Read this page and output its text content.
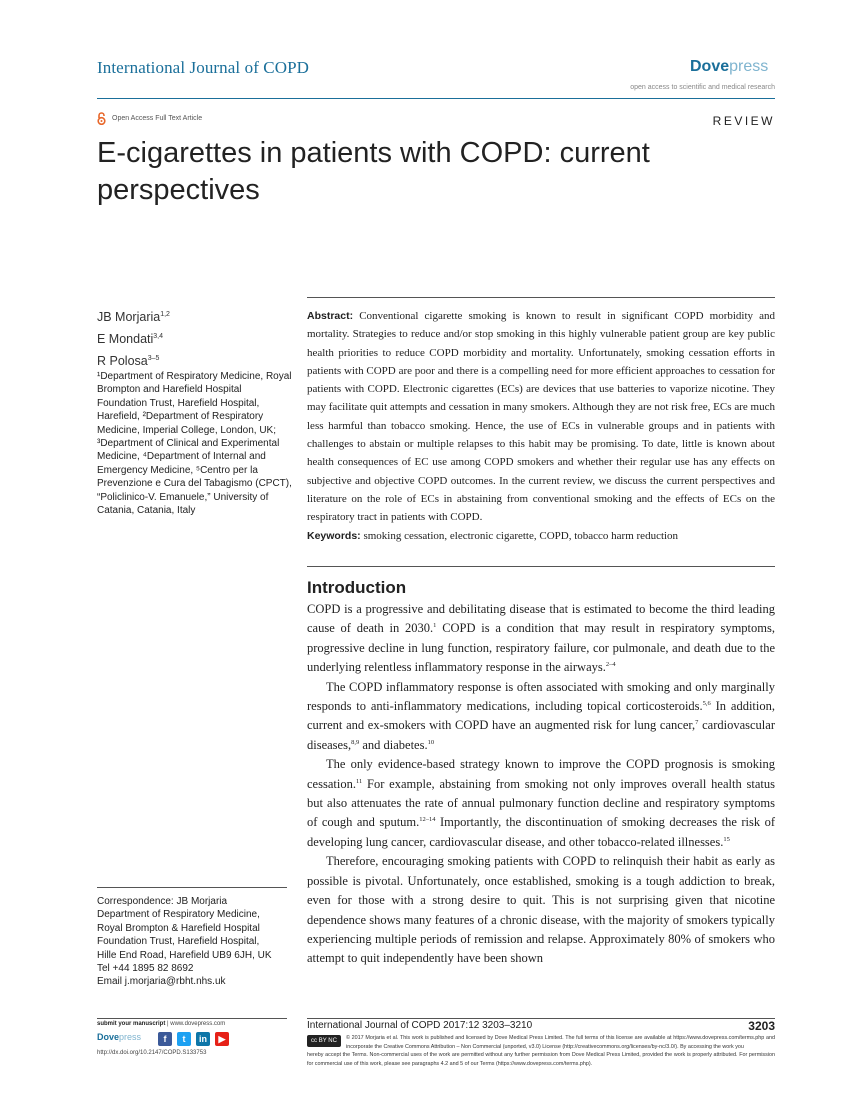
International Journal of COPD	Dovepress
open access to scientific and medical research
Open Access Full Text Article	REVIEW
E-cigarettes in patients with COPD: current perspectives
JB Morjaria$^{1,2}$
E Mondati$^{3,4}$
R Polosa$^{3-5}$
¹Department of Respiratory Medicine, Royal Brompton and Harefield Hospital Foundation Trust, Harefield Hospital, Harefield, ²Department of Respiratory Medicine, Imperial College, London, UK; ³Department of Clinical and Experimental Medicine, ⁴Department of Internal and Emergency Medicine, ⁵Centro per la Prevenzione e Cura del Tabagismo (CPCT), “Policlinico-V. Emanuele,” University of Catania, Catania, Italy
Abstract: Conventional cigarette smoking is known to result in significant COPD morbidity and mortality. Strategies to reduce and/or stop smoking in this highly vulnerable patient group are key public health priorities to reduce COPD morbidity and mortality. Unfortunately, smoking cessation efforts in patients with COPD are poor and there is a compelling need for more efficient approaches to cessation for patients with COPD. Electronic cigarettes (ECs) are devices that use batteries to vaporize nicotine. They may facilitate quit attempts and cessation in many smokers. Although they are not risk free, ECs are much less harmful than tobacco smoking. Hence, the use of ECs in vulnerable groups and in patients with challenges to abstain or multiple relapses to this habit may be promising. To date, little is known about health consequences of EC use among COPD smokers and whether their regular use has any effects on subjective and objective COPD outcomes. In the current review, we discuss the current perspectives and literature on the role of ECs in abstaining from conventional smoking and the effects of ECs on the respiratory tract in patients with COPD.
Keywords: smoking cessation, electronic cigarette, COPD, tobacco harm reduction
Introduction

COPD is a progressive and debilitating disease that is estimated to become the third leading cause of death in 2030.$^1$ COPD is a condition that may result in respiratory symptoms, progressive decline in lung function, respiratory failure, cor pulmonale, and death due to the underlying relentless inflammatory response in the airways.$^{2-4}$

The COPD inflammatory response is often associated with smoking and only marginally responds to anti-inflammatory medications, including topical corticosteroids.$^{5,6}$ In addition, current and ex-smokers with COPD have an augmented risk for lung cancer,$^7$ cardiovascular diseases,$^{8,9}$ and diabetes.$^{10}$

The only evidence-based strategy known to improve the COPD prognosis is smoking cessation.$^{11}$ For example, abstaining from smoking not only improves overall health status but also attenuates the rate of annual pulmonary function decline and respiratory symptoms of cough and sputum.$^{12-14}$ Importantly, the discontinuation of smoking decreases the risk of developing lung cancer, cardiovascular disease, and other tobacco-related illnesses.$^{15}$

Therefore, encouraging smoking patients with COPD to relinquish their habit as early as possible is pivotal. Unfortunately, once established, smoking is a tough addiction to break, even for those with a strong desire to quit. This is not surprising given that nicotine dependence shows many features of a chronic disease, with the majority of smokers typically experiencing multiple periods of remission and relapse. Approximately 80% of smokers who attempt to quit independently have been shown

Correspondence: JB Morjaria
Department of Respiratory Medicine,
Royal Brompton & Harefield Hospital
Foundation Trust, Harefield Hospital,
Hille End Road, Harefield UB9 6JH, UK
Tel +44 1895 82 8692
Email j.morjaria@rbht.nhs.uk
submit your manuscript | www.dovepress.com
Dovepress	f	t	in	▶
http://dx.doi.org/10.2147/COPD.S133753
International Journal of COPD 2017:12 3203–3210	3203
cc BY NC	© 2017 Morjaria et al. This work is published and licensed by Dove Medical Press Limited. The full terms of this license are available at https://www.dovepress.com/terms.php and incorporate the Creative Commons Attribution – Non Commercial (unported, v3.0) License (http://creativecommons.org/licenses/by-nc/3.0/). By accessing the work you
hereby accept the Terms. Non-commercial uses of the work are permitted without any further permission from Dove Medical Press Limited, provided the work is properly attributed. For permission for commercial use of this work, please see paragraphs 4.2 and 5 of our Terms (https://www.dovepress.com/terms.php).
